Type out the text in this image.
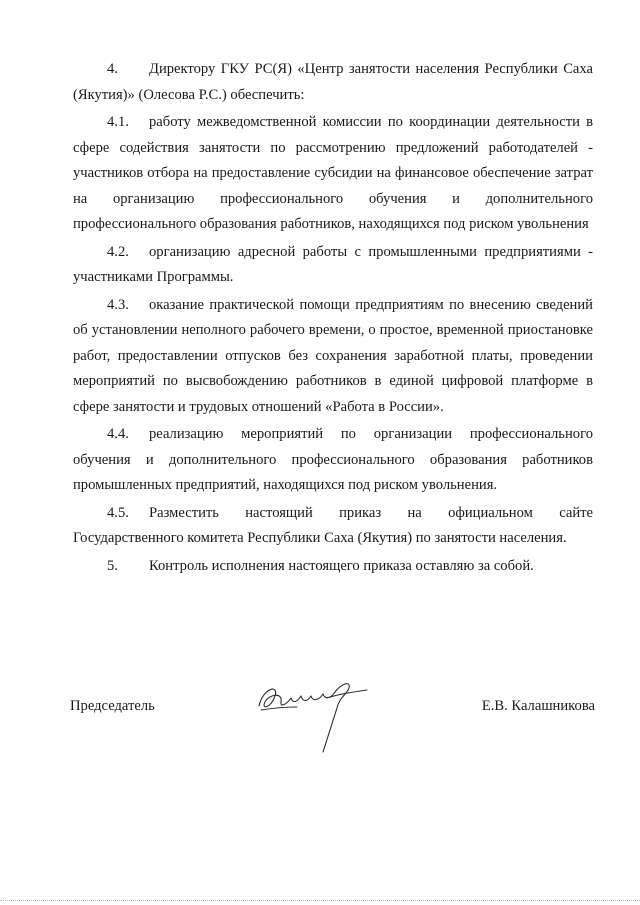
4. Директору ГКУ РС(Я) «Центр занятости населения Республики Саха (Якутия)» (Олесова Р.С.) обеспечить:

4.1. работу межведомственной комиссии по координации деятельности в сфере содействия занятости по рассмотрению предложений работодателей - участников отбора на предоставление субсидии на финансовое обеспечение затрат на организацию профессионального обучения и дополнительного профессионального образования работников, находящихся под риском увольнения

4.2. организацию адресной работы с промышленными предприятиями - участниками Программы.

4.3. оказание практической помощи предприятиям по внесению сведений об установлении неполного рабочего времени, о простое, временной приостановке работ, предоставлении отпусков без сохранения заработной платы, проведении мероприятий по высвобождению работников в единой цифровой платформе в сфере занятости и трудовых отношений «Работа в России».

4.4. реализацию мероприятий по организации профессионального обучения и дополнительного профессионального образования работников промышленных предприятий, находящихся под риском увольнения.

4.5. Разместить настоящий приказ на официальном сайте Государственного комитета Республики Саха (Якутия) по занятости населения.

5. Контроль исполнения настоящего приказа оставляю за собой.

Председатель	Е.В. Калашникова
